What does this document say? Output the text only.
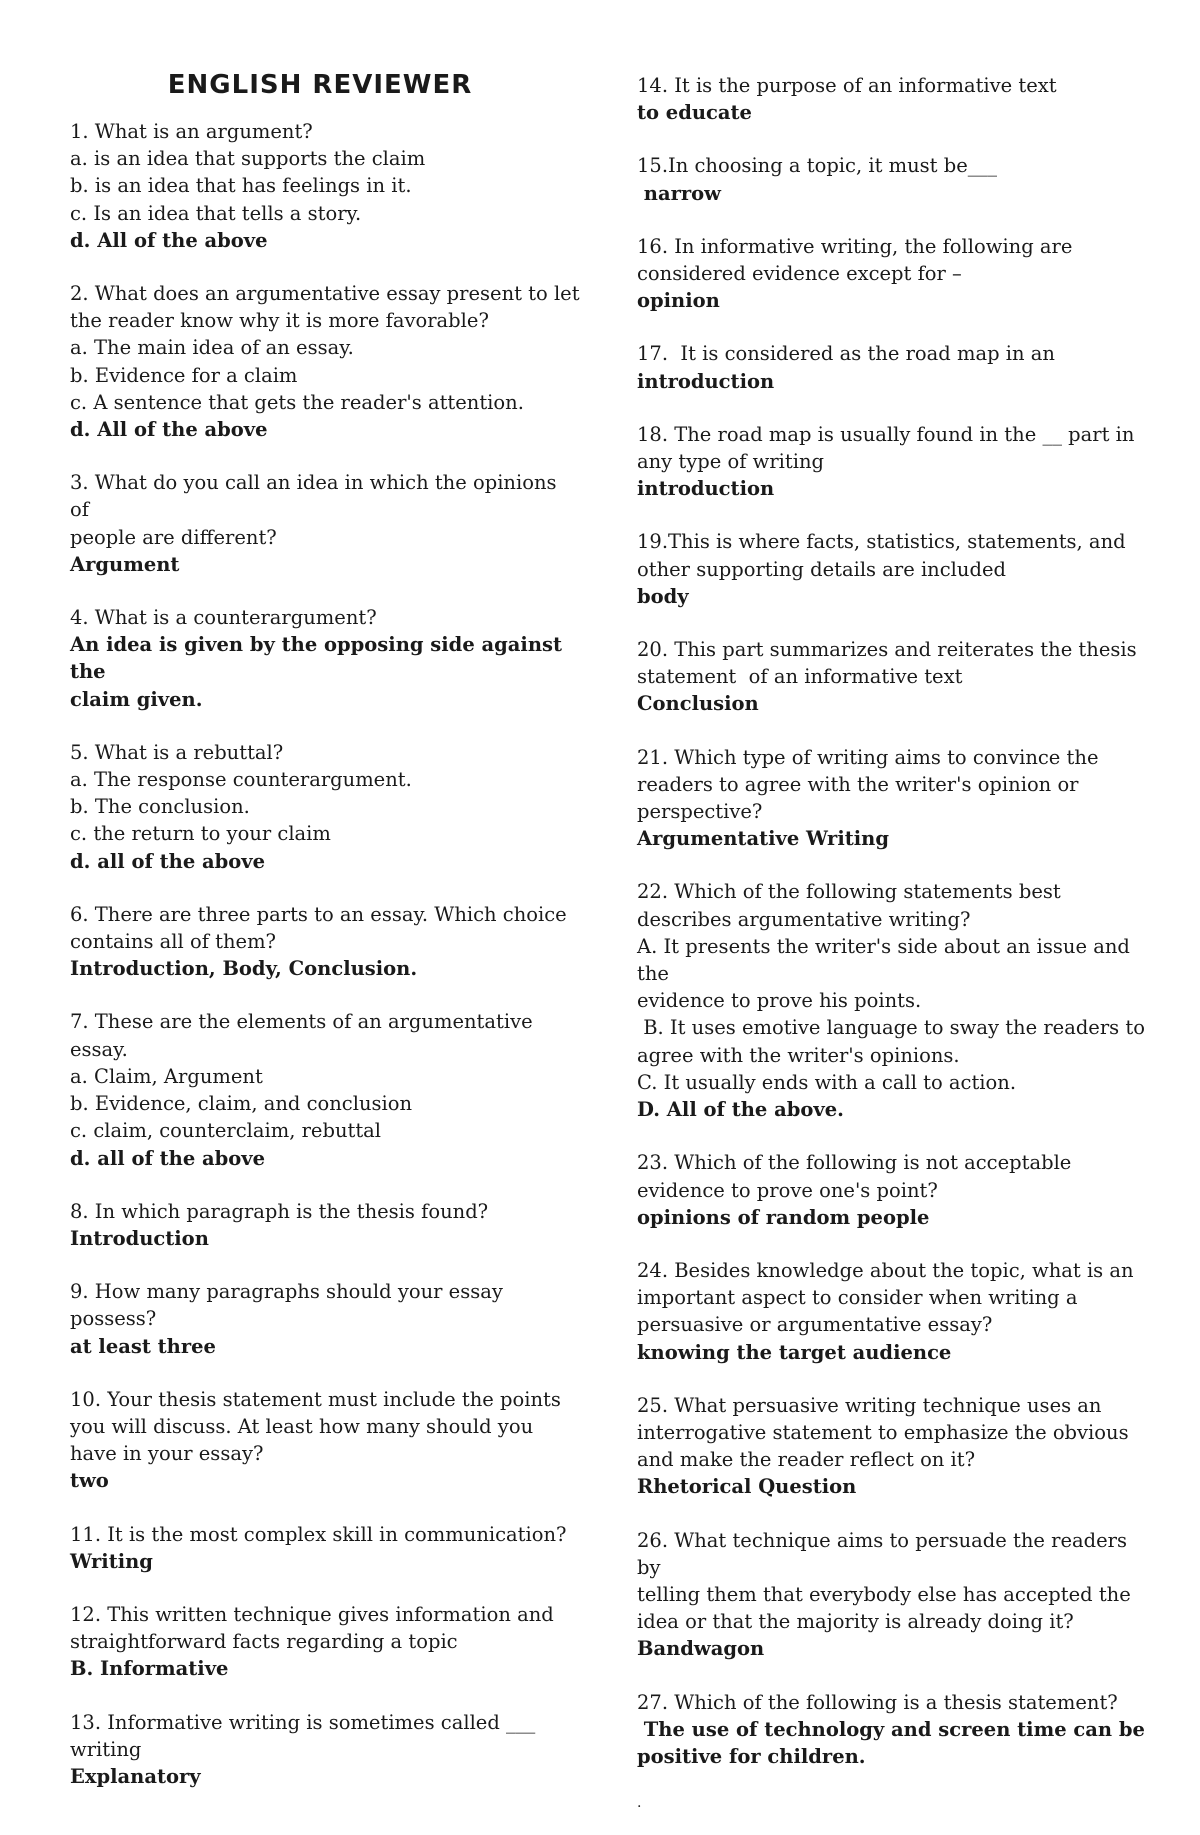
ENGLISH REVIEWER
1. What is an argument?
a. is an idea that supports the claim
b. is an idea that has feelings in it.
c. Is an idea that tells a story.
d. All of the above
2. What does an argumentative essay present to let
the reader know why it is more favorable?
a. The main idea of an essay.
b. Evidence for a claim
c. A sentence that gets the reader's attention.
d. All of the above
3. What do you call an idea in which the opinions of
people are different?
Argument
4. What is a counterargument?
An idea is given by the opposing side against the
claim given.
5. What is a rebuttal?
a. The response counterargument.
b. The conclusion.
c. the return to your claim
d. all of the above
6. There are three parts to an essay. Which choice
contains all of them?
Introduction, Body, Conclusion.
7. These are the elements of an argumentative
essay.
a. Claim, Argument
b. Evidence, claim, and conclusion
c. claim, counterclaim, rebuttal
d. all of the above
8. In which paragraph is the thesis found?
Introduction
9. How many paragraphs should your essay
possess?
at least three
10. Your thesis statement must include the points
you will discuss. At least how many should you
have in your essay?
two
11. It is the most complex skill in communication?
Writing
12. This written technique gives information and
straightforward facts regarding a topic
B. Informative
13. Informative writing is sometimes called ___
writing
Explanatory
14. It is the purpose of an informative text
to educate
15.In choosing a topic, it must be___
narrow
16. In informative writing, the following are
considered evidence except for –
opinion
17.  It is considered as the road map in an
introduction
18. The road map is usually found in the __ part in
any type of writing
introduction
19.This is where facts, statistics, statements, and
other supporting details are included
body
20. This part summarizes and reiterates the thesis
statement  of an informative text
Conclusion
21. Which type of writing aims to convince the
readers to agree with the writer's opinion or
perspective?
Argumentative Writing
22. Which of the following statements best
describes argumentative writing?
A. It presents the writer's side about an issue and the
evidence to prove his points.
B. It uses emotive language to sway the readers to
agree with the writer's opinions.
C. It usually ends with a call to action.
D. All of the above.
23. Which of the following is not acceptable
evidence to prove one's point?
opinions of random people
24. Besides knowledge about the topic, what is an
important aspect to consider when writing a
persuasive or argumentative essay?
knowing the target audience
25. What persuasive writing technique uses an
interrogative statement to emphasize the obvious
and make the reader reflect on it?
Rhetorical Question
26. What technique aims to persuade the readers by
telling them that everybody else has accepted the
idea or that the majority is already doing it?
Bandwagon
27. Which of the following is a thesis statement?
The use of technology and screen time can be
positive for children.
.
